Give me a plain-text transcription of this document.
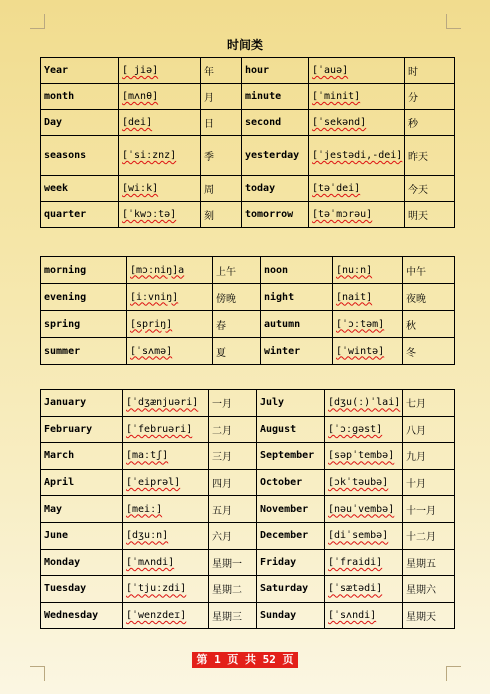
时间类
Year	[ jiə]	年	hour	[ˈauə]	时
month	[mʌnθ]	月	minute	[ˈminit]	分
Day	[dei]	日	second	[ˈsekənd]	秒
seasons	[ˈsiːznz]	季	yesterday	[ˈjestədi,-dei]	昨天
week	[wiːk]	周	today	[təˈdei]	今天
quarter	[ˈkwɔːtə]	刻	tomorrow	[təˈmɔrəu]	明天
morning	[mɔːniŋ]a	上午	noon	[nuːn]	中午
evening	[iːvniŋ]	傍晚	night	[nait]	夜晚
spring	[spriŋ]	春	autumn	[ˈɔːtəm]	秋
summer	[ˈsʌmə]	夏	winter	[ˈwintə]	冬
January	[ˈdʒænjuəri]	一月	July	[dʒu(ː)ˈlai]	七月
February	[ˈfebruəri]	二月	August	[ˈɔːgəst]	八月
March	[maːtʃ]	三月	September	[səpˈtembə]	九月
April	[ˈeiprəl]	四月	October	[ɔkˈtəubə]	十月
May	[meiː]	五月	November	[nəuˈvembə]	十一月
June	[dʒuːn]	六月	December	[diˈsembə]	十二月
Monday	[ˈmʌndi]	星期一	Friday	[ˈfraidi]	星期五
Tuesday	[ˈtjuːzdi]	星期二	Saturday	[ˈsætədi]	星期六
Wednesday	[ˈwenzdeɪ]	星期三	Sunday	[ˈsʌndi]	星期天
第 1 页 共 52 页
